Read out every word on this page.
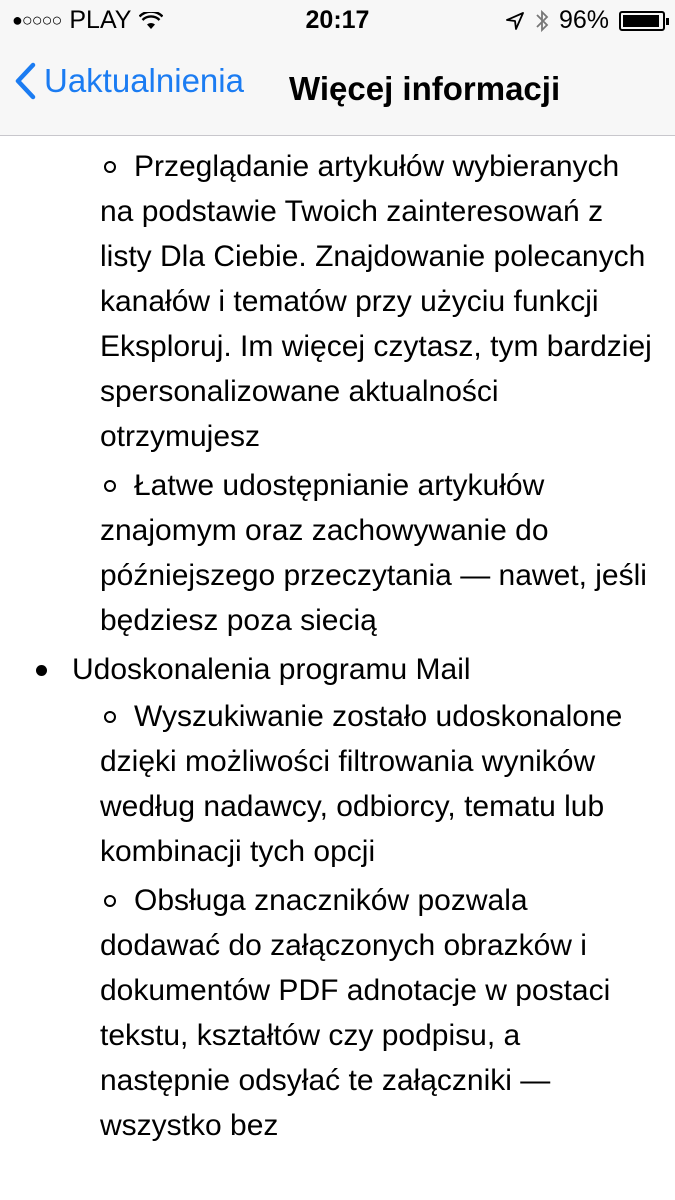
●○○○○ PLAY	20:17	96%
Uaktualnienia Więcej informacji
Przeglądanie artykułów wybieranych na podstawie Twoich zainteresowań z listy Dla Ciebie. Znajdowanie polecanych kanałów i tematów przy użyciu funkcji Eksploruj. Im więcej czytasz, tym bardziej spersonalizowane aktualności otrzymujesz
Łatwe udostępnianie artykułów znajomym oraz zachowywanie do późniejszego przeczytania — nawet, jeśli będziesz poza siecią
Udoskonalenia programu Mail
Wyszukiwanie zostało udoskonalone dzięki możliwości filtrowania wyników według nadawcy, odbiorcy, tematu lub kombinacji tych opcji
Obsługa znaczników pozwala dodawać do załączonych obrazków i dokumentów PDF adnotacje w postaci tekstu, kształtów czy podpisu, a następnie odsyłać te załączniki — wszystko bez
